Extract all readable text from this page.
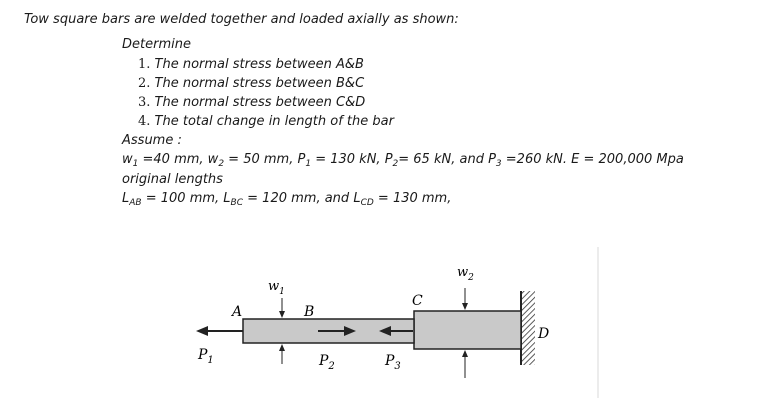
Tow square bars are welded together and loaded axially as shown:
Determine
1. The normal stress between A&B
2. The normal stress between B&C
3. The normal stress between C&D
4. The total change in length of the bar
Assume :
$w_1 =40$ mm, $w_2 = 50$ mm, $P_1 = 130$ kN, $P_2= 65$ kN, and $P_3 =260$ kN. E = 200,000 Mpa
original lengths
$L_{AB} = 100$ mm, $L_{BC} = 120$ mm, and $L_{CD} = 130$ mm,
$w_1$
$w_2$
A	B
C
D
$P_1$	$P_2$	$P_3$
